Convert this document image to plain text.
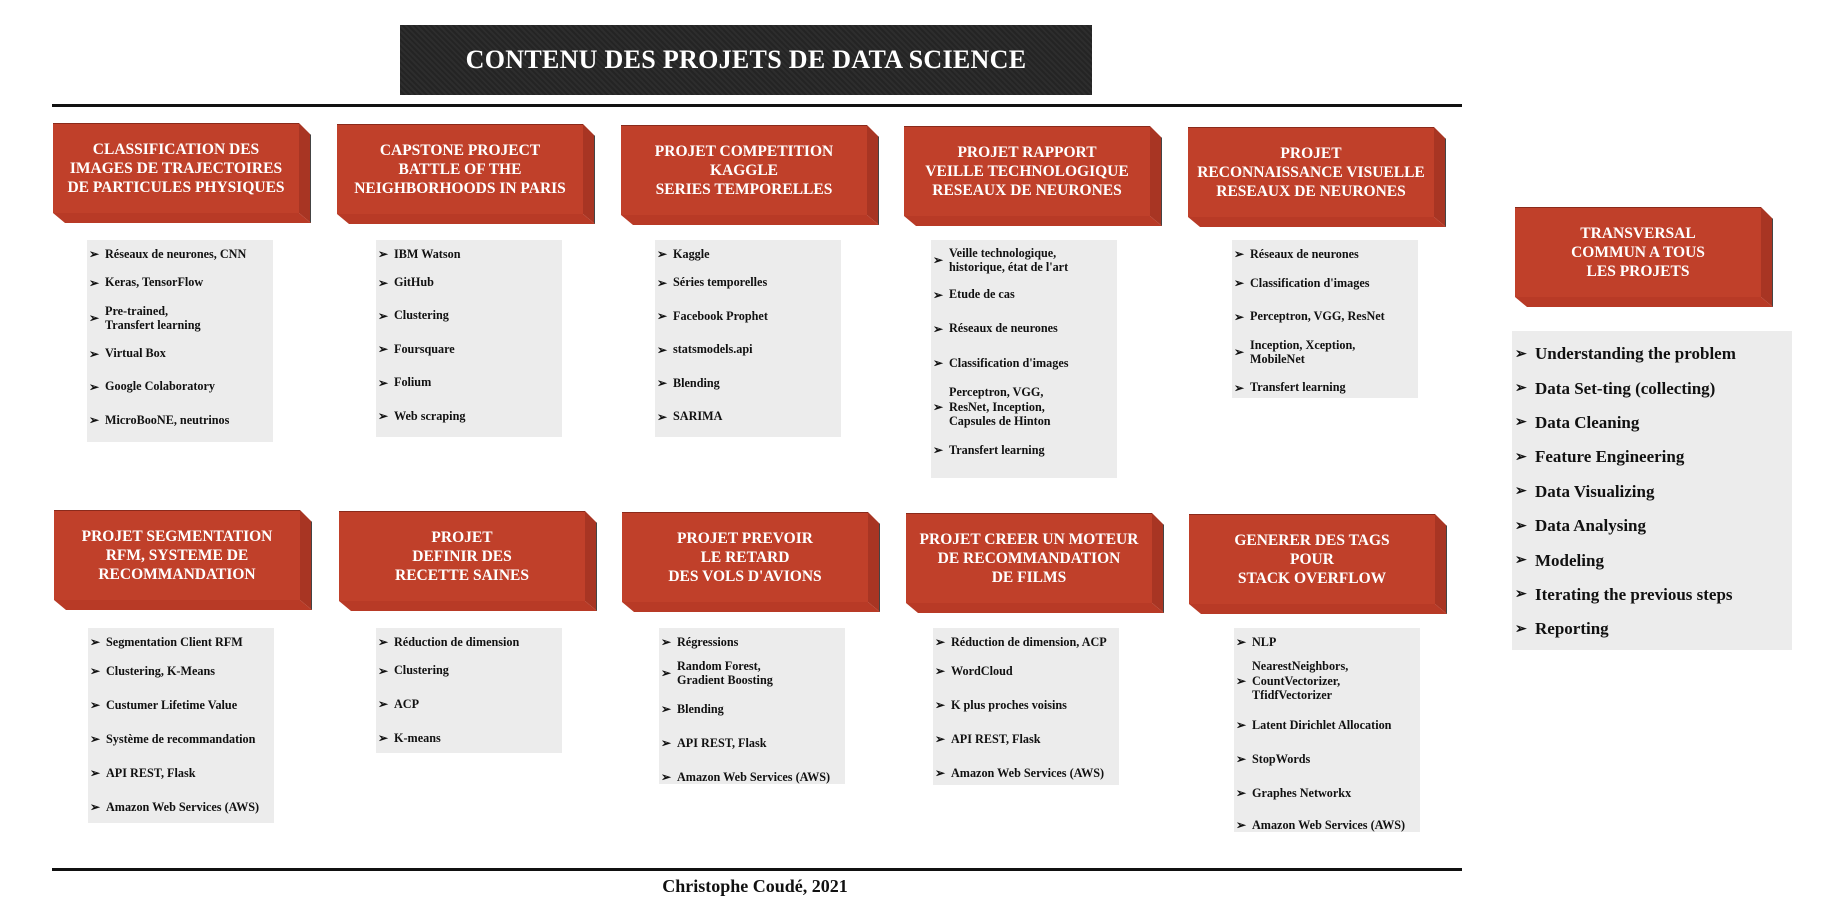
CONTENU DES PROJETS DE DATA SCIENCE
CLASSIFICATION DES
IMAGES DE TRAJECTOIRES
DE PARTICULES PHYSIQUES
➢ Réseaux de neurones, CNN
➢ Keras, TensorFlow
➢
Pre-trained,
Transfert learning
➢ Virtual Box
➢ Google Colaboratory
➢ MicroBooNE, neutrinos
CAPSTONE PROJECT
BATTLE OF THE
NEIGHBORHOODS IN PARIS
➢ IBM Watson
➢ GitHub
➢ Clustering
➢ Foursquare
➢ Folium
➢ Web scraping
PROJET COMPETITION
KAGGLE
SERIES TEMPORELLES
➢ Kaggle
➢ Séries temporelles
➢ Facebook Prophet
➢ statsmodels.api
➢ Blending
➢ SARIMA
PROJET RAPPORT
VEILLE TECHNOLOGIQUE
RESEAUX DE NEURONES
➢
Veille technologique,
historique, état de l'art
➢ Etude de cas
➢ Réseaux de neurones
➢ Classification d'images
➢
Perceptron, VGG,
ResNet, Inception,
Capsules de Hinton
➢ Transfert learning
PROJET
RECONNAISSANCE VISUELLE
RESEAUX DE NEURONES
➢ Réseaux de neurones
➢ Classification d'images
➢ Perceptron, VGG, ResNet
➢
Inception, Xception,
MobileNet
➢ Transfert learning
PROJET SEGMENTATION
RFM, SYSTEME DE
RECOMMANDATION
➢ Segmentation Client RFM
➢ Clustering, K-Means
➢ Custumer Lifetime Value
➢ Système de recommandation
➢ API REST, Flask
➢ Amazon Web Services (AWS)
PROJET
DEFINIR DES
RECETTE SAINES
➢ Réduction de dimension
➢ Clustering
➢ ACP
➢ K-means
PROJET PREVOIR
LE RETARD
DES VOLS D'AVIONS
➢ Régressions
➢
Random Forest,
Gradient Boosting
➢ Blending
➢ API REST, Flask
➢ Amazon Web Services (AWS)
PROJET CREER UN MOTEUR
DE RECOMMANDATION
DE FILMS
➢ Réduction de dimension, ACP
➢ WordCloud
➢ K plus proches voisins
➢ API REST, Flask
➢ Amazon Web Services (AWS)
GENERER DES TAGS
POUR
STACK OVERFLOW
➢ NLP
➢
NearestNeighbors,
CountVectorizer,
TfidfVectorizer
➢ Latent Dirichlet Allocation
➢ StopWords
➢ Graphes Networkx
➢ Amazon Web Services (AWS)
TRANSVERSAL
COMMUN A TOUS
LES PROJETS
➢ Understanding the problem
➢ Data Set-ting (collecting)
➢ Data Cleaning
➢ Feature Engineering
➢ Data Visualizing
➢ Data Analysing
➢ Modeling
➢ Iterating the previous steps
➢ Reporting
Christophe Coudé, 2021
